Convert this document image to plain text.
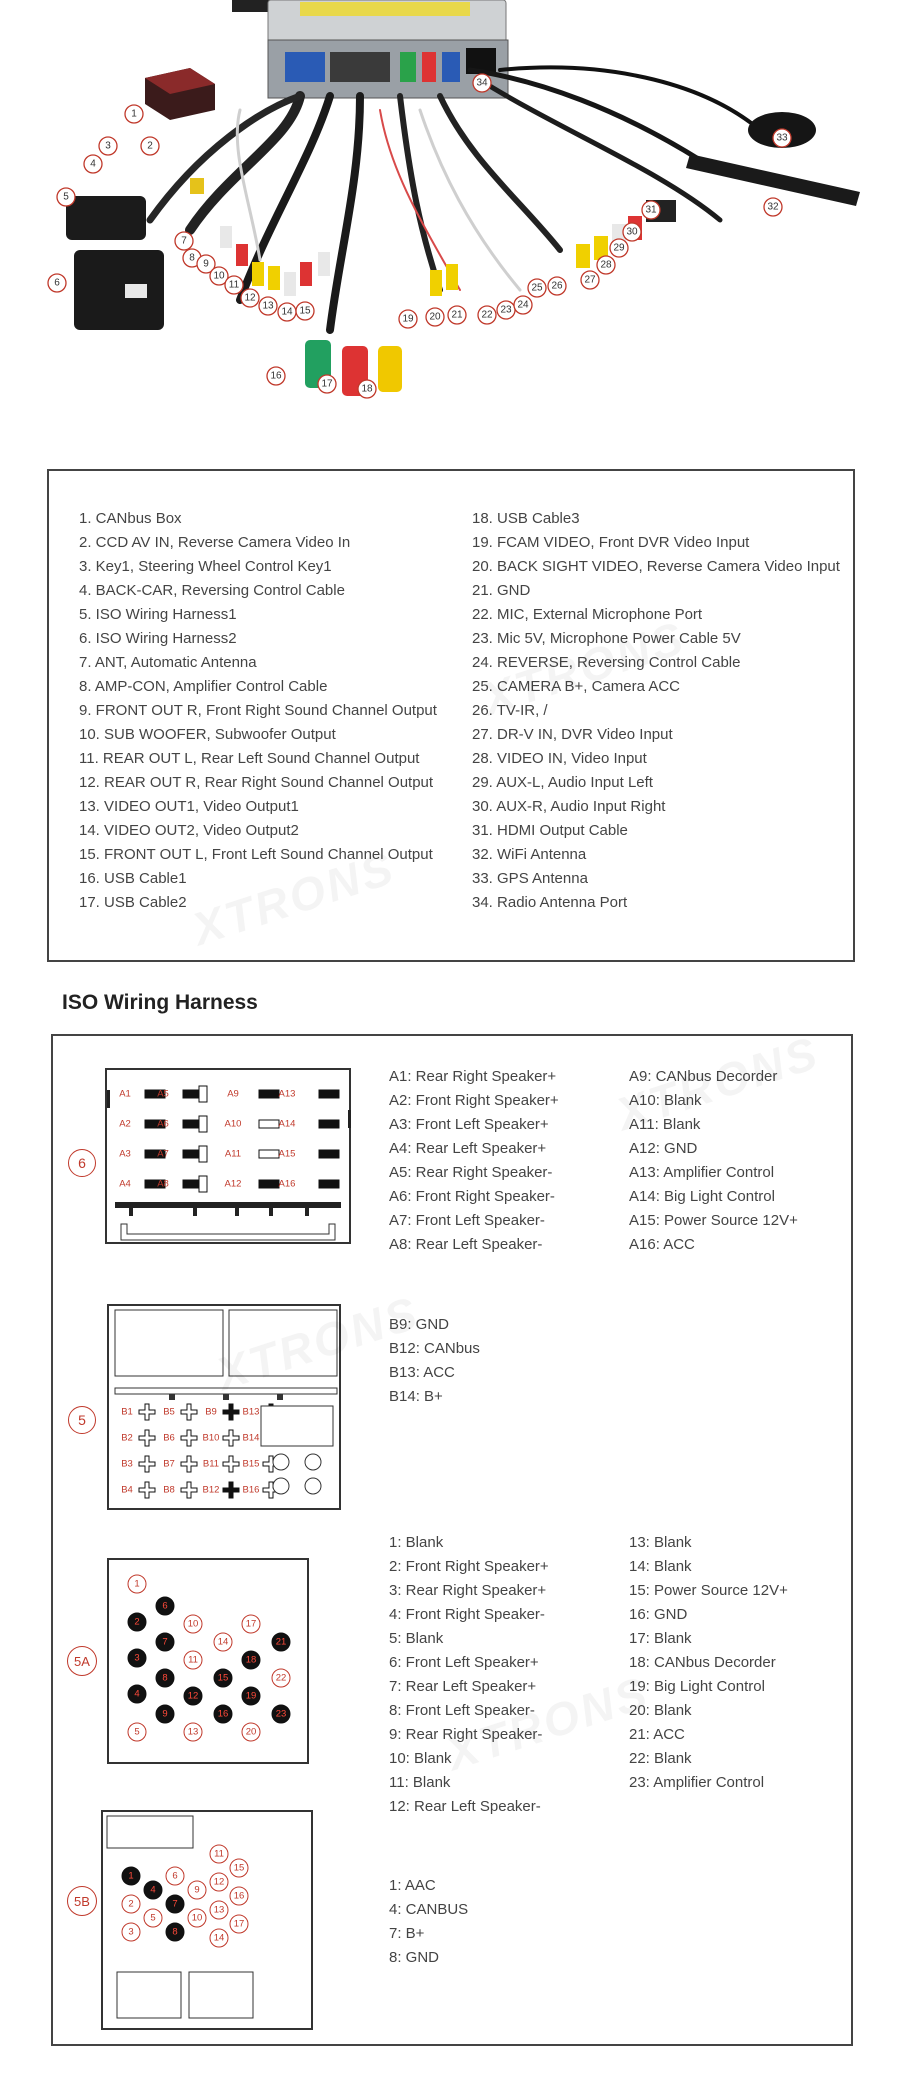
1
2
3
4
5
6
7
8
9
10
11
12
13
14 15
16
17	18
19 20 21 22 23 24
25 26
27
28
29
30
31	32
33
34
1. CANbus Box
2. CCD AV IN, Reverse Camera Video In
3. Key1, Steering Wheel Control Key1
4. BACK-CAR, Reversing Control Cable
5. ISO Wiring Harness1
6. ISO Wiring Harness2
7. ANT, Automatic Antenna
8. AMP-CON, Amplifier Control Cable
9. FRONT OUT R, Front Right Sound Channel Output
10. SUB WOOFER, Subwoofer Output
11. REAR OUT L, Rear Left Sound Channel Output
12. REAR OUT R, Rear Right Sound Channel Output
13. VIDEO OUT1, Video Output1
14. VIDEO OUT2, Video Output2
15. FRONT OUT L, Front Left Sound Channel Output
16. USB Cable1
17. USB Cable2
18. USB Cable3
19. FCAM VIDEO, Front DVR Video Input
20. BACK SIGHT VIDEO, Reverse Camera Video Input
21. GND
22. MIC, External Microphone Port
23. Mic 5V, Microphone Power Cable 5V
24. REVERSE, Reversing Control Cable
25. CAMERA B+, Camera ACC
26. TV-IR, /
27. DR-V IN, DVR Video Input
28. VIDEO IN, Video Input
29. AUX-L, Audio Input Left
30. AUX-R, Audio Input Right
31. HDMI Output Cable
32. WiFi Antenna
33. GPS Antenna
34. Radio Antenna Port
ISO Wiring Harness
6
A1	A5	A9	A13
A2	A6	A10	A14
A3	A7	A11	A15
A4	A8	A12	A16
A1: Rear Right Speaker+
A2: Front Right Speaker+
A3: Front Left Speaker+
A4: Rear Left Speaker+
A5: Rear Right Speaker-
A6: Front Right Speaker-
A7: Front Left Speaker-
A8: Rear Left Speaker-
A9: CANbus Decorder
A10: Blank
A11: Blank
A12: GND
A13: Amplifier Control
A14: Big Light Control
A15: Power Source 12V+
A16: ACC
5	B1	B5	B9	B13
B2	B6	B10 B14
B3	B7	B11 B15
B4	B8	B12 B16
B9: GND
B12: CANbus
B13: ACC
B14: B+
5A
1
2
3
4
5
6
7
8
9
10
11
12
13
14
15
16
17
18
19
20
21
22
23
1: Blank
2: Front Right Speaker+
3: Rear Right Speaker+
4: Front Right Speaker-
5: Blank
6: Front Left Speaker+
7: Rear Left Speaker+
8: Front Left Speaker-
9: Rear Right Speaker-
10: Blank
11: Blank
12: Rear Left Speaker-
13: Blank
14: Blank
15: Power Source 12V+
16: GND
17: Blank
18: CANbus Decorder
19: Big Light Control
20: Blank
21: ACC
22: Blank
23: Amplifier Control
5B
1
2
3
4
5
6
7
8
9
10
11
12
13
14
15
16
17
1: AAC
4: CANBUS
7: B+
8: GND
